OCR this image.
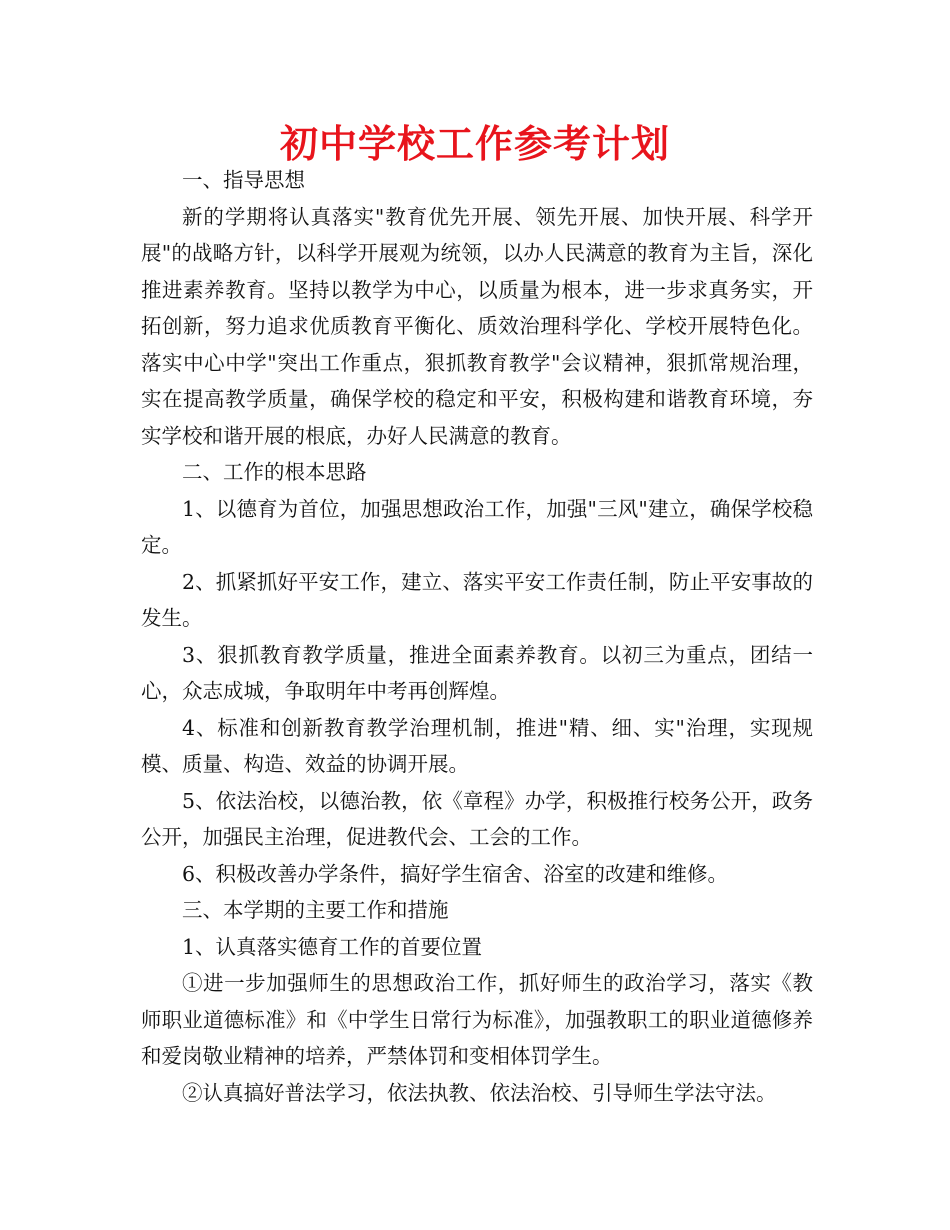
初中学校工作参考计划

一、指导思想

新的学期将认真落实"教育优先开展、领先开展、加快开展、科学开展"的战略方针，以科学开展观为统领，以办人民满意的教育为主旨，深化推进素养教育。坚持以教学为中心，以质量为根本，进一步求真务实，开拓创新，努力追求优质教育平衡化、质效治理科学化、学校开展特色化。落实中心中学"突出工作重点，狠抓教育教学"会议精神，狠抓常规治理，实在提高教学质量，确保学校的稳定和平安，积极构建和谐教育环境，夯实学校和谐开展的根底，办好人民满意的教育。

二、工作的根本思路

1、以德育为首位，加强思想政治工作，加强"三风"建立，确保学校稳定。

2、抓紧抓好平安工作，建立、落实平安工作责任制，防止平安事故的发生。

3、狠抓教育教学质量，推进全面素养教育。以初三为重点，团结一心，众志成城，争取明年中考再创辉煌。

4、标准和创新教育教学治理机制，推进"精、细、实"治理，实现规模、质量、构造、效益的协调开展。

5、依法治校，以德治教，依《章程》办学，积极推行校务公开，政务公开，加强民主治理，促进教代会、工会的工作。

6、积极改善办学条件，搞好学生宿舍、浴室的改建和维修。

三、本学期的主要工作和措施

1、认真落实德育工作的首要位置

①进一步加强师生的思想政治工作，抓好师生的政治学习，落实《教师职业道德标准》和《中学生日常行为标准》，加强教职工的职业道德修养和爱岗敬业精神的培养，严禁体罚和变相体罚学生。

②认真搞好普法学习，依法执教、依法治校、引导师生学法守法。
